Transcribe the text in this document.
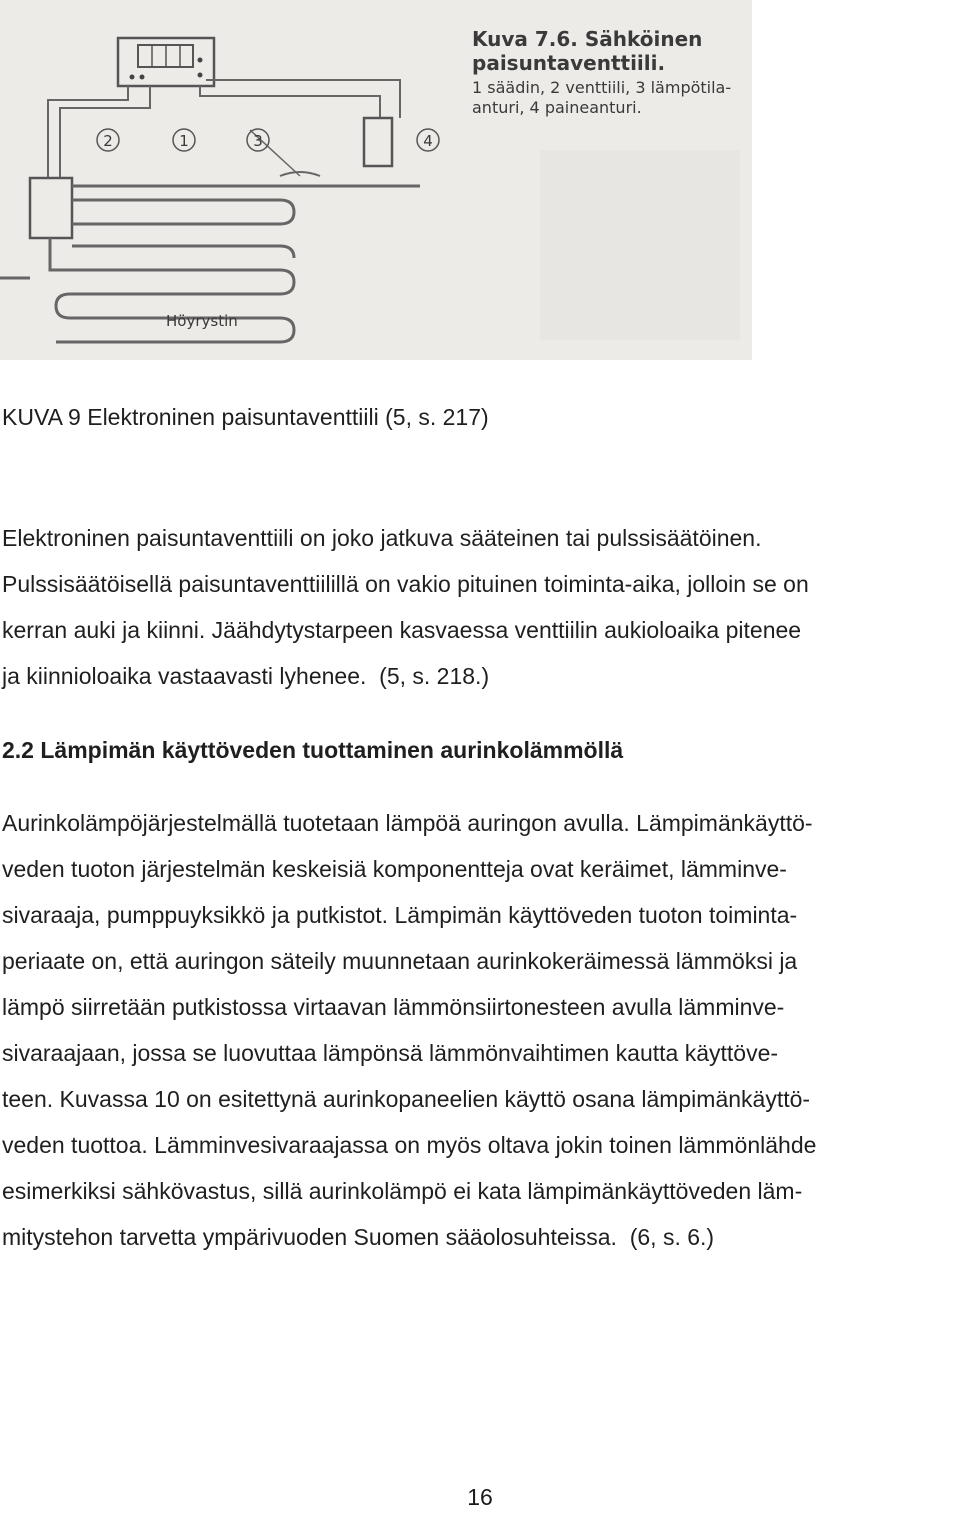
2	1	3	4
Kuva 7.6. Sähköinen
paisuntaventtiili.
1 säädin, 2 venttiili, 3 lämpötila-
anturi, 4 paineanturi.
Höyrystin

KUVA 9 Elektroninen paisuntaventtiili (5, s. 217)

Elektroninen paisuntaventtiili on joko jatkuva sääteinen tai pulssisäätöinen.
Pulssisäätöisellä paisuntaventtiilillä on vakio pituinen toiminta-aika, jolloin se on
kerran auki ja kiinni. Jäähdytystarpeen kasvaessa venttiilin aukioloaika pitenee
ja kiinnioloaika vastaavasti lyhenee.  (5, s. 218.)

2.2 Lämpimän käyttöveden tuottaminen aurinkolämmöllä

Aurinkolämpöjärjestelmällä tuotetaan lämpöä auringon avulla. Lämpimänkäyttö-
veden tuoton järjestelmän keskeisiä komponentteja ovat keräimet, lämminve-
sivaraaja, pumppuyksikkö ja putkistot. Lämpimän käyttöveden tuoton toiminta-
periaate on, että auringon säteily muunnetaan aurinkokeräimessä lämmöksi ja
lämpö siirretään putkistossa virtaavan lämmönsiirtonesteen avulla lämminve-
sivaraajaan, jossa se luovuttaa lämpönsä lämmönvaihtimen kautta käyttöve-
teen. Kuvassa 10 on esitettynä aurinkopaneelien käyttö osana lämpimänkäyttö-
veden tuottoa. Lämminvesivaraajassa on myös oltava jokin toinen lämmönlähde
esimerkiksi sähkövastus, sillä aurinkolämpö ei kata lämpimänkäyttöveden läm-
mitystehon tarvetta ympärivuoden Suomen sääolosuhteissa.  (6, s. 6.)

16
